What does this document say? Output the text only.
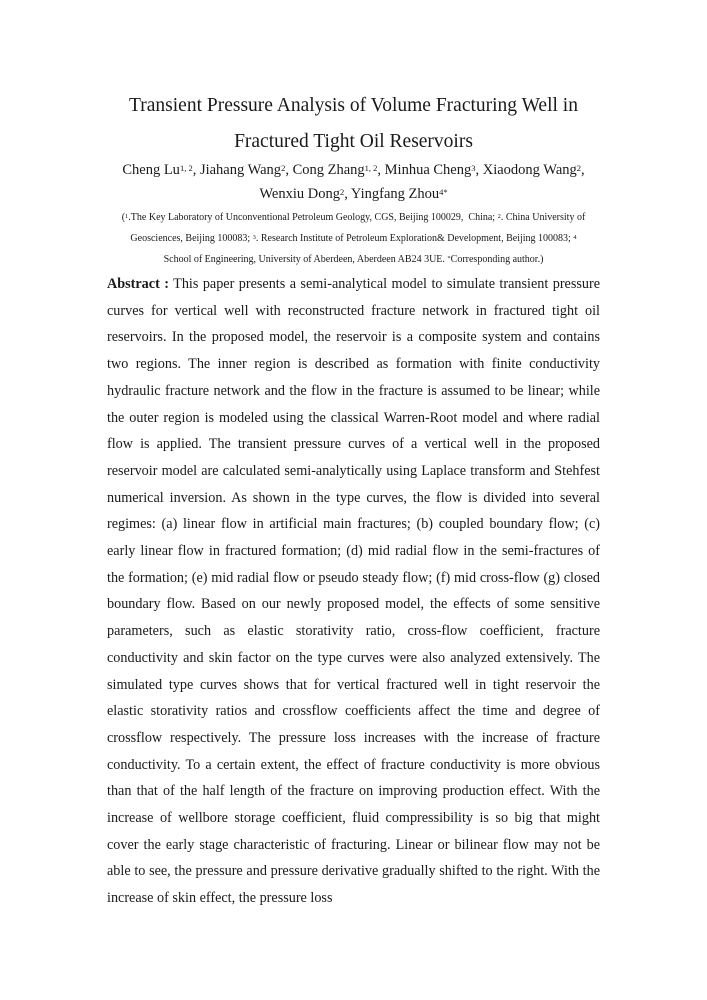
Transient Pressure Analysis of Volume Fracturing Well in
Fractured Tight Oil Reservoirs
Cheng Lu$^{1, 2}$, Jiahang Wang$^2$, Cong Zhang$^{1, 2}$, Minhua Cheng$^3$, Xiaodong Wang$^2$,
Wenxiu Dong$^2$, Yingfang Zhou$^{4*}$
($^1$.The Key Laboratory of Unconventional Petroleum Geology, CGS, Beijing 100029,  China; $^2$. China University of Geosciences, Beijing 100083; $^3$. Research Institute of Petroleum Exploration& Development, Beijing 100083; $^4$
School of Engineering, University of Aberdeen, Aberdeen AB24 3UE. *Corresponding author.)

Abstract : This paper presents a semi-analytical model to simulate transient pressure curves for vertical well with reconstructed fracture network in fractured tight oil reservoirs. In the proposed model, the reservoir is a composite system and contains two regions. The inner region is described as formation with finite conductivity hydraulic fracture network and the flow in the fracture is assumed to be linear; while the outer region is modeled using the classical Warren-Root model and where radial flow is applied. The transient pressure curves of a vertical well in the proposed reservoir model are calculated semi-analytically using Laplace transform and Stehfest numerical inversion. As shown in the type curves, the flow is divided into several regimes: (a) linear flow in artificial main fractures; (b) coupled boundary flow; (c) early linear flow in fractured formation; (d) mid radial flow in the semi-fractures of the formation; (e) mid radial flow or pseudo steady flow; (f) mid cross-flow (g) closed boundary flow. Based on our newly proposed model, the effects of some sensitive parameters, such as elastic storativity ratio, cross-flow coefficient, fracture conductivity and skin factor on the type curves were also analyzed extensively. The simulated type curves shows that for vertical fractured well in tight reservoir the elastic storativity ratios and crossflow coefficients affect the time and degree of crossflow respectively. The pressure loss increases with the increase of fracture conductivity. To a certain extent, the effect of fracture conductivity is more obvious than that of the half length of the fracture on improving production effect. With the increase of wellbore storage coefficient, fluid compressibility is so big that might cover the early stage characteristic of fracturing. Linear or bilinear flow may not be able to see, the pressure and pressure derivative gradually shifted to the right. With the increase of skin effect, the pressure loss
